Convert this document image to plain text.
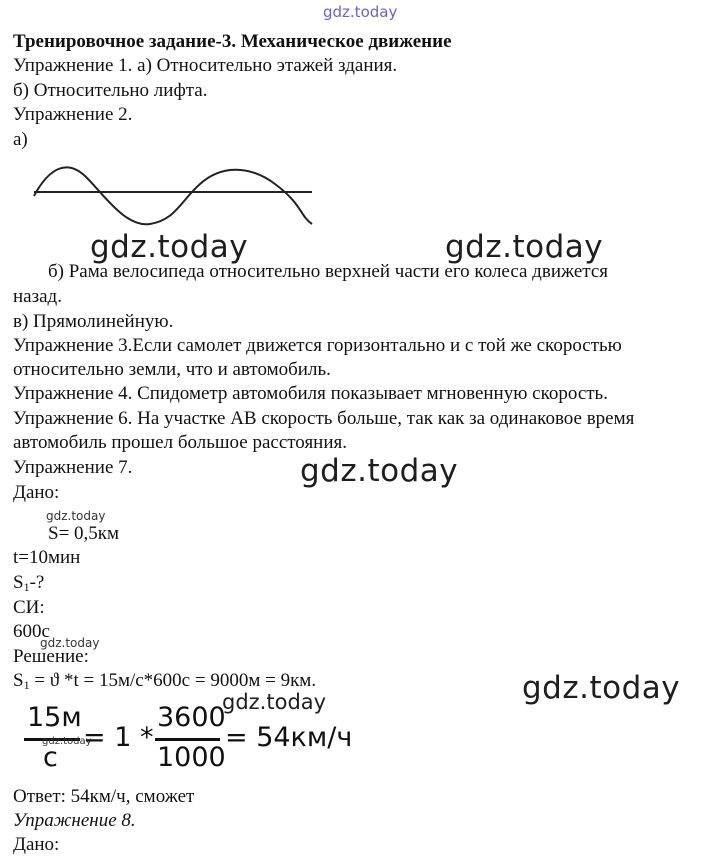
gdz.today
Тренировочное задание-3. Механическое движение
Упражнение 1. а) Относительно этажей здания.
б) Относительно лифта.
Упражнение 2.
а)
gdz.today	gdz.today
б) Рама велосипеда относительно верхней части его колеса движется
назад.
в) Прямолинейную.
Упражнение 3.Если самолет движется горизонтально и с той же скоростью
относительно земли, что и автомобиль.
Упражнение 4. Спидометр автомобиля показывает мгновенную скорость.
Упражнение 6. На участке АВ скорость больше, так как за одинаковое время
автомобиль прошел большое расстояния.
gdz.today
Упражнение 7.
Дано:
gdz.today
S= 0,5км
t=10мин
$S_1-$?
СИ:
600с
gdz.today
Решение:
$S_1 = ϑ$ *t = 15м/с*600с = 9000м = 9км.	gdz.today
gdz.today
15м
с
gdz.today
= 1 *
3600
1000
= 54км/ч
Ответ: 54км/ч, сможет
Упражнение 8.
Дано:
